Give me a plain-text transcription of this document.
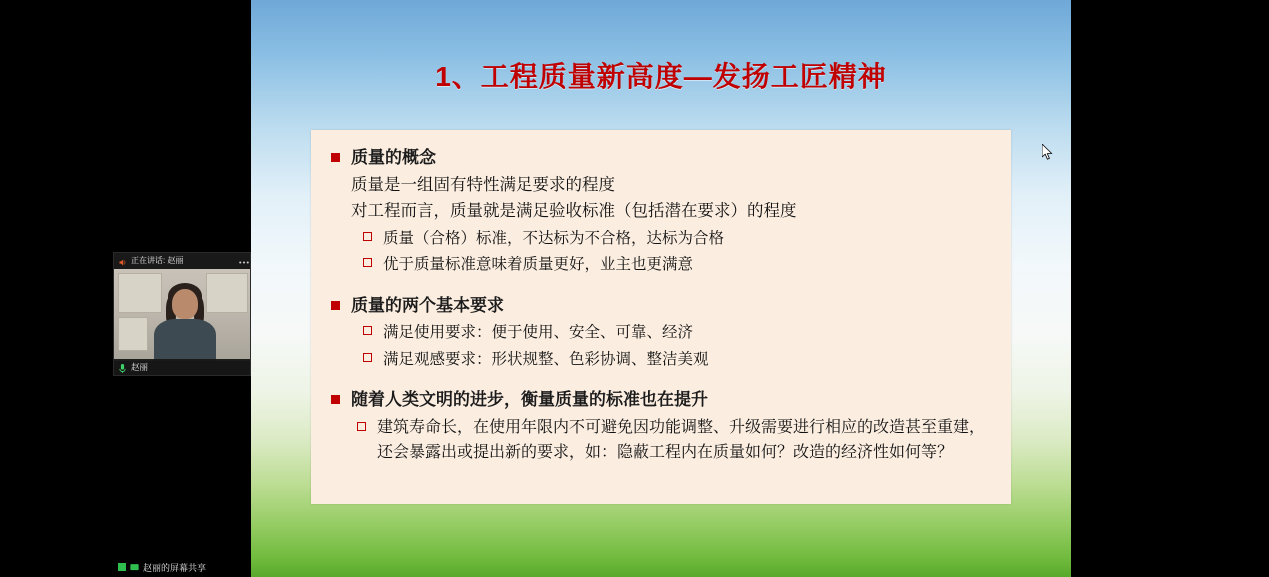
1、工程质量新高度—发扬工匠精神
质量的概念
质量是一组固有特性满足要求的程度
对工程而言，质量就是满足验收标准（包括潜在要求）的程度
质量（合格）标准，不达标为不合格，达标为合格
优于质量标准意味着质量更好，业主也更满意
质量的两个基本要求
满足使用要求：便于使用、安全、可靠、经济
满足观感要求：形状规整、色彩协调、整洁美观
随着人类文明的进步，衡量质量的标准也在提升
建筑寿命长，在使用年限内不可避免因功能调整、升级需要进行相应的改造甚至重建，还会暴露出或提出新的要求，如：隐蔽工程内在质量如何？改造的经济性如何等？
正在讲话: 赵丽
赵丽
赵丽的屏幕共享
